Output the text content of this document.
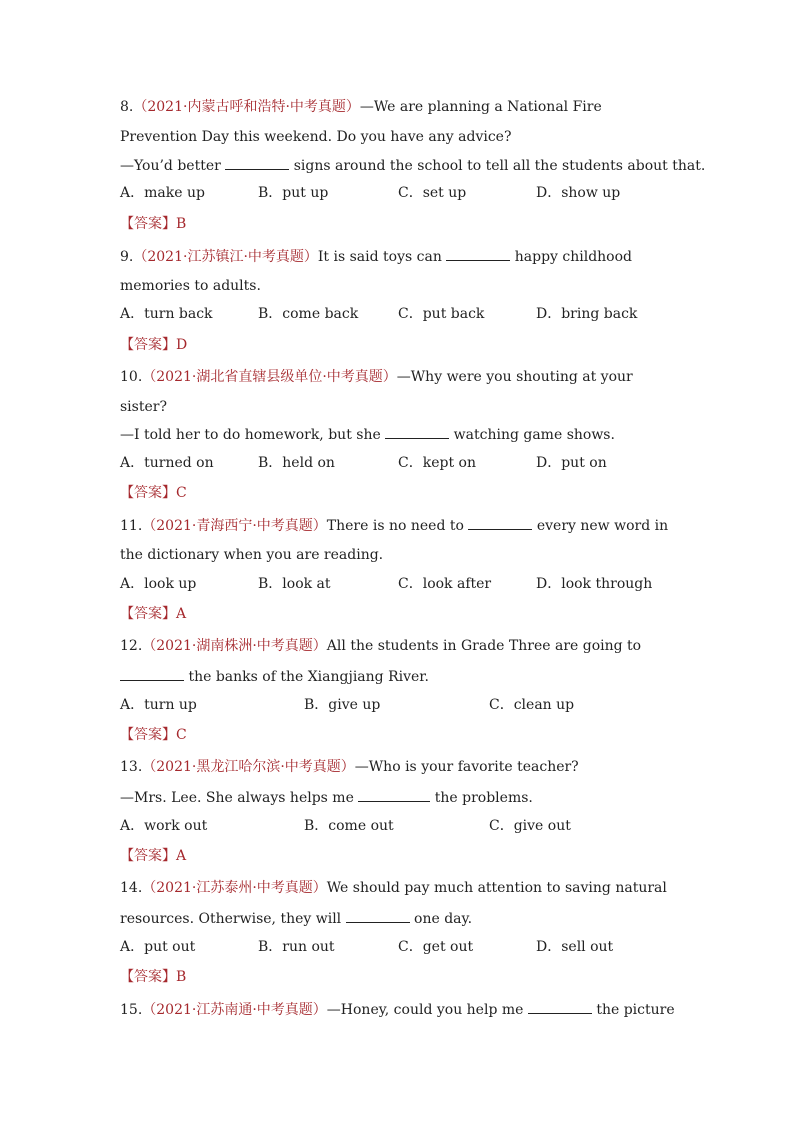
8.（2021·内蒙古呼和浩特·中考真题）—We are planning a National Fire
Prevention Day this weekend. Do you have any advice?
—You’d better	signs around the school to tell all the students about that.
A．make up	B．put up	C．set up	D．show up
【答案】B
9.（2021·江苏镇江·中考真题）It is said toys can	happy childhood
memories to adults.
A．turn back	B．come back	C．put back	D．bring back
【答案】D
10.（2021·湖北省直辖县级单位·中考真题）—Why were you shouting at your
sister?
—I told her to do homework, but she	watching game shows.
A．turned on	B．held on	C．kept on	D．put on
【答案】C
11.（2021·青海西宁·中考真题）There is no need to	every new word in
the dictionary when you are reading.
A．look up	B．look at	C．look after	D．look through
【答案】A
12.（2021·湖南株洲·中考真题）All the students in Grade Three are going to
the banks of the Xiangjiang River.
A．turn up	B．give up	C．clean up
【答案】C
13.（2021·黑龙江哈尔滨·中考真题）—Who is your favorite teacher?
—Mrs. Lee. She always helps me	the problems.
A．work out	B．come out	C．give out
【答案】A
14.（2021·江苏泰州·中考真题）We should pay much attention to saving natural
resources. Otherwise, they will	one day.
A．put out	B．run out	C．get out	D．sell out
【答案】B
15.（2021·江苏南通·中考真题）—Honey, could you help me	the picture
